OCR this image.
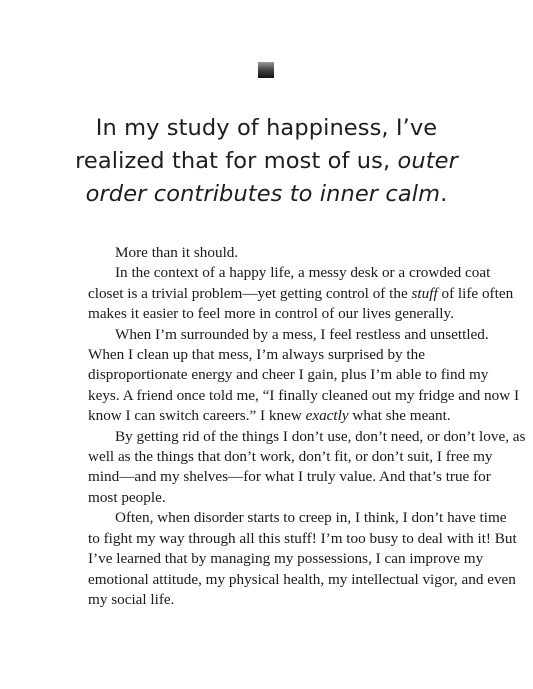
In my study of happiness, I’ve
realized that for most of us, outer
order contributes to inner calm.
More than it should.
In the context of a happy life, a messy desk or a crowded coat
closet is a trivial problem—yet getting control of the stuff of life often
makes it easier to feel more in control of our lives generally.
When I’m surrounded by a mess, I feel restless and unsettled.
When I clean up that mess, I’m always surprised by the
disproportionate energy and cheer I gain, plus I’m able to find my
keys. A friend once told me, “I finally cleaned out my fridge and now I
know I can switch careers.” I knew exactly what she meant.
By getting rid of the things I don’t use, don’t need, or don’t love, as
well as the things that don’t work, don’t fit, or don’t suit, I free my
mind—and my shelves—for what I truly value. And that’s true for
most people.
Often, when disorder starts to creep in, I think, I don’t have time
to fight my way through all this stuff! I’m too busy to deal with it! But
I’ve learned that by managing my possessions, I can improve my
emotional attitude, my physical health, my intellectual vigor, and even
my social life.
